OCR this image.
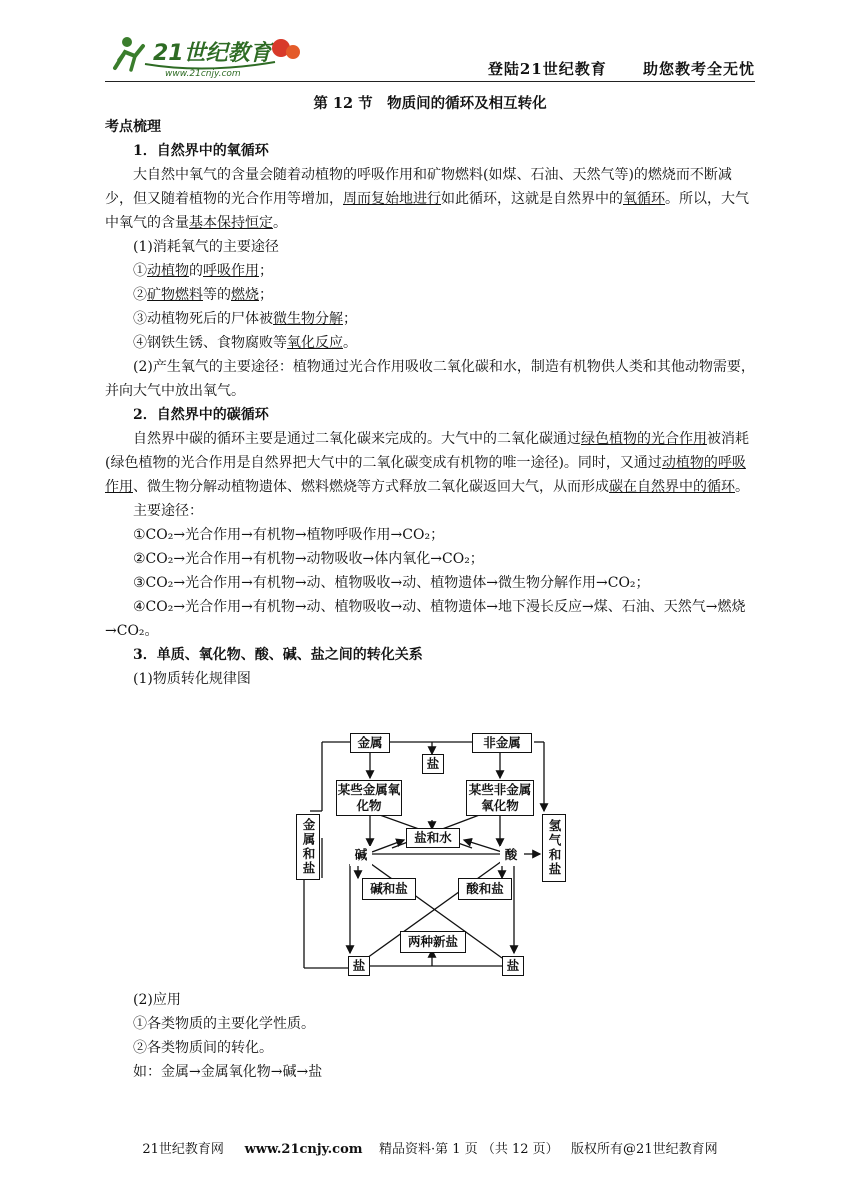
21世纪教育
www.21cnjy.com	登陆21世纪教育 助您教考全无忧
第 12 节　物质间的循环及相互转化

考点梳理

1．自然界中的氧循环

大自然中氧气的含量会随着动植物的呼吸作用和矿物燃料(如煤、石油、天然气等)的燃烧而不断减少，但又随着植物的光合作用等增加，周而复始地进行如此循环，这就是自然界中的氧循环。所以，大气中氧气的含量基本保持恒定。

(1)消耗氧气的主要途径

①动植物的呼吸作用；

②矿物燃料等的燃烧；

③动植物死后的尸体被微生物分解；

④钢铁生锈、食物腐败等氧化反应。

(2)产生氧气的主要途径：植物通过光合作用吸收二氧化碳和水，制造有机物供人类和其他动物需要，并向大气中放出氧气。

2．自然界中的碳循环

自然界中碳的循环主要是通过二氧化碳来完成的。大气中的二氧化碳通过绿色植物的光合作用被消耗(绿色植物的光合作用是自然界把大气中的二氧化碳变成有机物的唯一途径)。同时，又通过动植物的呼吸作用、微生物分解动植物遗体、燃料燃烧等方式释放二氧化碳返回大气，从而形成碳在自然界中的循环。

主要途径：

①CO₂→光合作用→有机物→植物呼吸作用→CO₂；

②CO₂→光合作用→有机物→动物吸收→体内氧化→CO₂；

③CO₂→光合作用→有机物→动、植物吸收→动、植物遗体→微生物分解作用→CO₂；

④CO₂→光合作用→有机物→动、植物吸收→动、植物遗体→地下漫长反应→煤、石油、天然气→燃烧→CO₂。

3．单质、氧化物、酸、碱、盐之间的转化关系

(1)物质转化规律图

金属	非金属
盐
某些金属氧化物
某些非金属氧化物
盐和水
金属和盐	氢气和盐
碱	酸
碱和盐	酸和盐
两种新盐
盐	盐

(2)应用

①各类物质的主要化学性质。

②各类物质间的转化。

如：金属→金属氧化物→碱→盐

21世纪教育网 www.21cnjy.com 精品资料·第 1 页 （共 12 页） 版权所有@21世纪教育网
